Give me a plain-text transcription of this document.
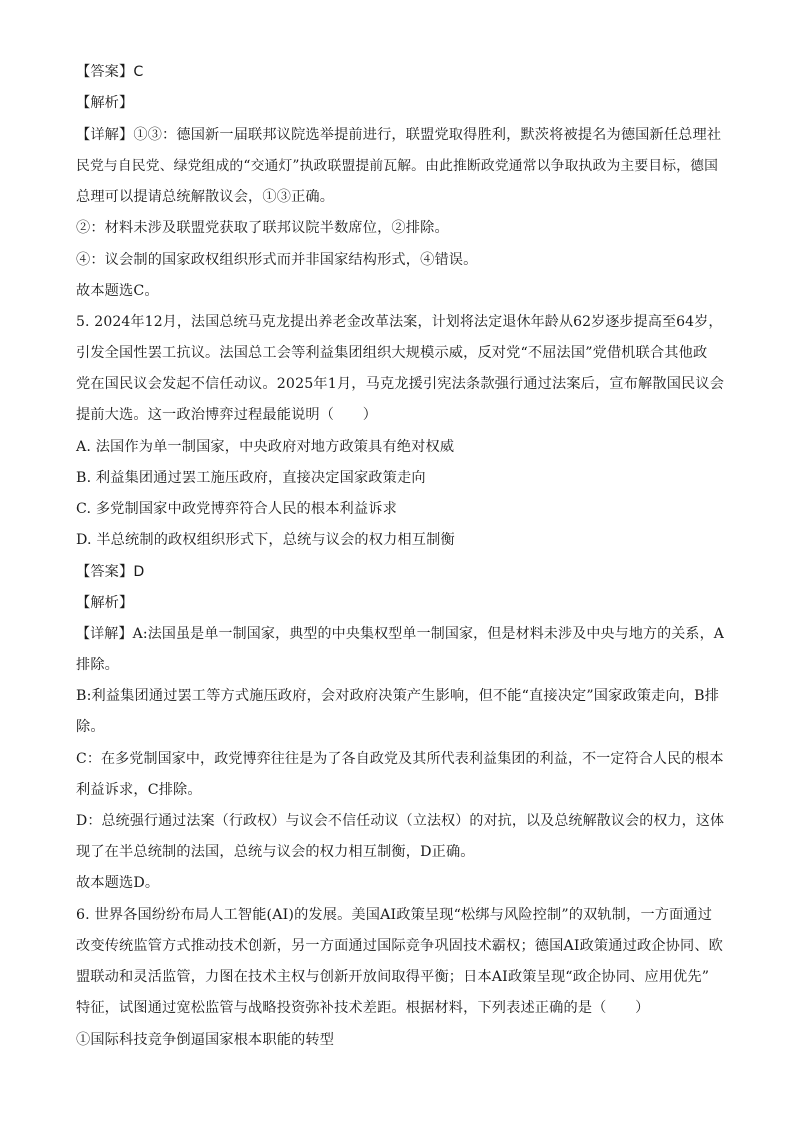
【答案】C
【解析】
【详解】①③：德国新一届联邦议院选举提前进行，联盟党取得胜利，默茨将被提名为德国新任总理社
民党与自民党、绿党组成的“交通灯”执政联盟提前瓦解。由此推断政党通常以争取执政为主要目标，德国
总理可以提请总统解散议会，①③正确。
②：材料未涉及联盟党获取了联邦议院半数席位，②排除。
④：议会制的国家政权组织形式而并非国家结构形式，④错误。
故本题选C。
5. 2024年12月，法国总统马克龙提出养老金改革法案，计划将法定退休年龄从62岁逐步提高至64岁，
引发全国性罢工抗议。法国总工会等利益集团组织大规模示威，反对党“不屈法国”党借机联合其他政
党在国民议会发起不信任动议。2025年1月，马克龙援引宪法条款强行通过法案后，宣布解散国民议会
提前大选。这一政治博弈过程最能说明（　　）
A. 法国作为单一制国家，中央政府对地方政策具有绝对权威
B. 利益集团通过罢工施压政府，直接决定国家政策走向
C. 多党制国家中政党博弈符合人民的根本利益诉求
D. 半总统制的政权组织形式下，总统与议会的权力相互制衡
【答案】D
【解析】
【详解】A:法国虽是单一制国家，典型的中央集权型单一制国家，但是材料未涉及中央与地方的关系，A
排除。
B:利益集团通过罢工等方式施压政府，会对政府决策产生影响，但不能“直接决定”国家政策走向，B排
除。
C：在多党制国家中，政党博弈往往是为了各自政党及其所代表利益集团的利益，不一定符合人民的根本
利益诉求，C排除。
D：总统强行通过法案（行政权）与议会不信任动议（立法权）的对抗，以及总统解散议会的权力，这体
现了在半总统制的法国，总统与议会的权力相互制衡，D正确。
故本题选D。
6. 世界各国纷纷布局人工智能(AI)的发展。美国AI政策呈现“松绑与风险控制”的双轨制，一方面通过
改变传统监管方式推动技术创新，另一方面通过国际竞争巩固技术霸权；德国AI政策通过政企协同、欧
盟联动和灵活监管，力图在技术主权与创新开放间取得平衡；日本AI政策呈现“政企协同、应用优先”
特征，试图通过宽松监管与战略投资弥补技术差距。根据材料，下列表述正确的是（　　）
①国际科技竞争倒逼国家根本职能的转型
